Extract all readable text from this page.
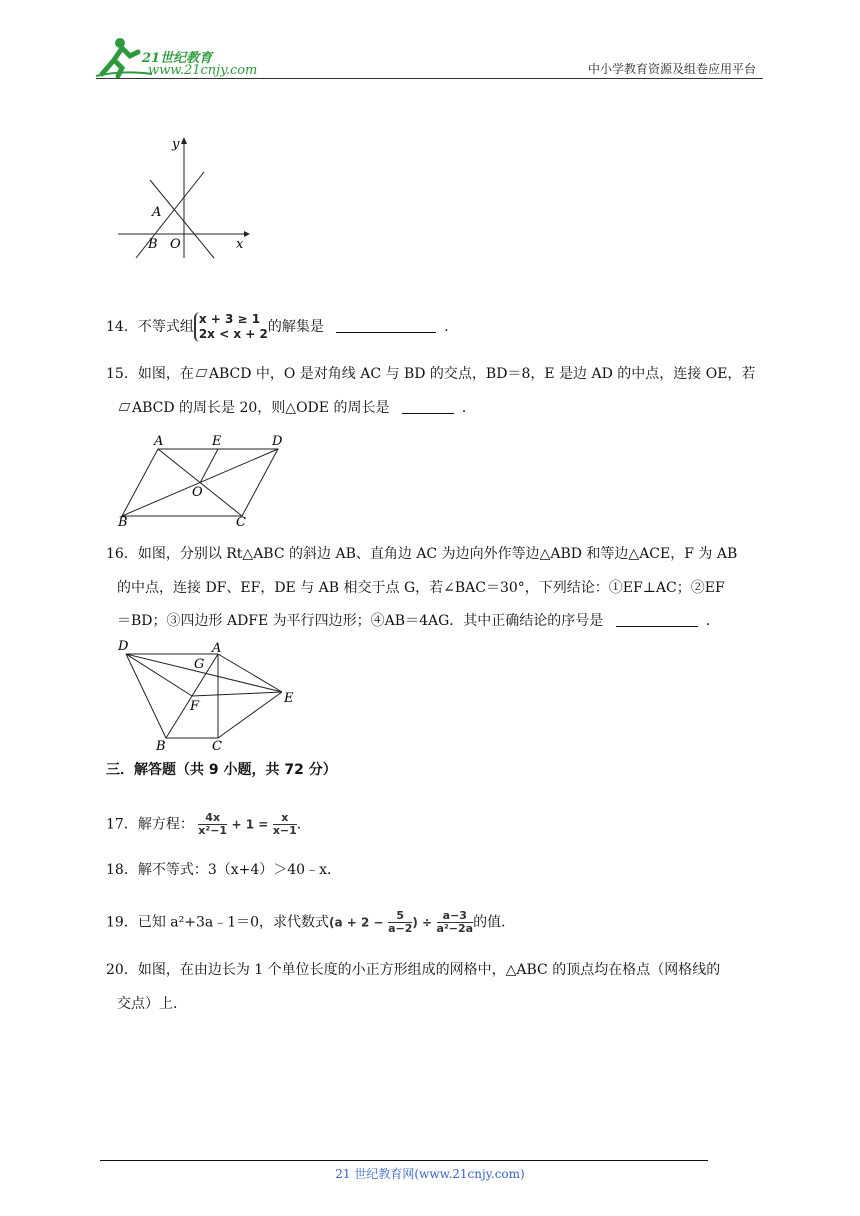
21世纪教育
www.21cnjy.com	中小学教育资源及组卷应用平台
y
x
A
B O
14．不等式组 x + 3 ≥ 1
2x < x + 2 的解集是	．
15．如图，在 ABCD 中，O 是对角线 AC 与 BD 的交点，BD＝8，E 是边 AD 的中点，连接 OE，若
ABCD 的周长是 20，则△ODE 的周长是	．
A	E	D
O
B	C
16．如图，分别以 Rt△ABC 的斜边 AB、直角边 AC 为边向外作等边△ABD 和等边△ACE，F 为 AB
的中点，连接 DF、EF，DE 与 AB 相交于点 G，若∠BAC＝30°，下列结论：①EF⊥AC；②EF
＝BD；③四边形 ADFE 为平行四边形；④AB＝4AG．其中正确结论的序号是	．
D	A
G
E
F
B	C
三．解答题（共 9 小题，共 72 分）
17．解方程： $\frac{4x}{\text{x²−1}} + 1 = \frac{x}{x-1}$ .
18．解不等式：3（x+4）＞40﹣x．
19．已知 a²+3a﹣1＝0，求代数式($a + 2 - \frac{5}{a-2}$ ) ÷ $\frac{a-3}{\text{a²−2a}}$ 的值．
20．如图，在由边长为 1 个单位长度的小正方形组成的网格中，△ABC 的顶点均在格点（网格线的
交点）上．
21 世纪教育网(www.21cnjy.com)
